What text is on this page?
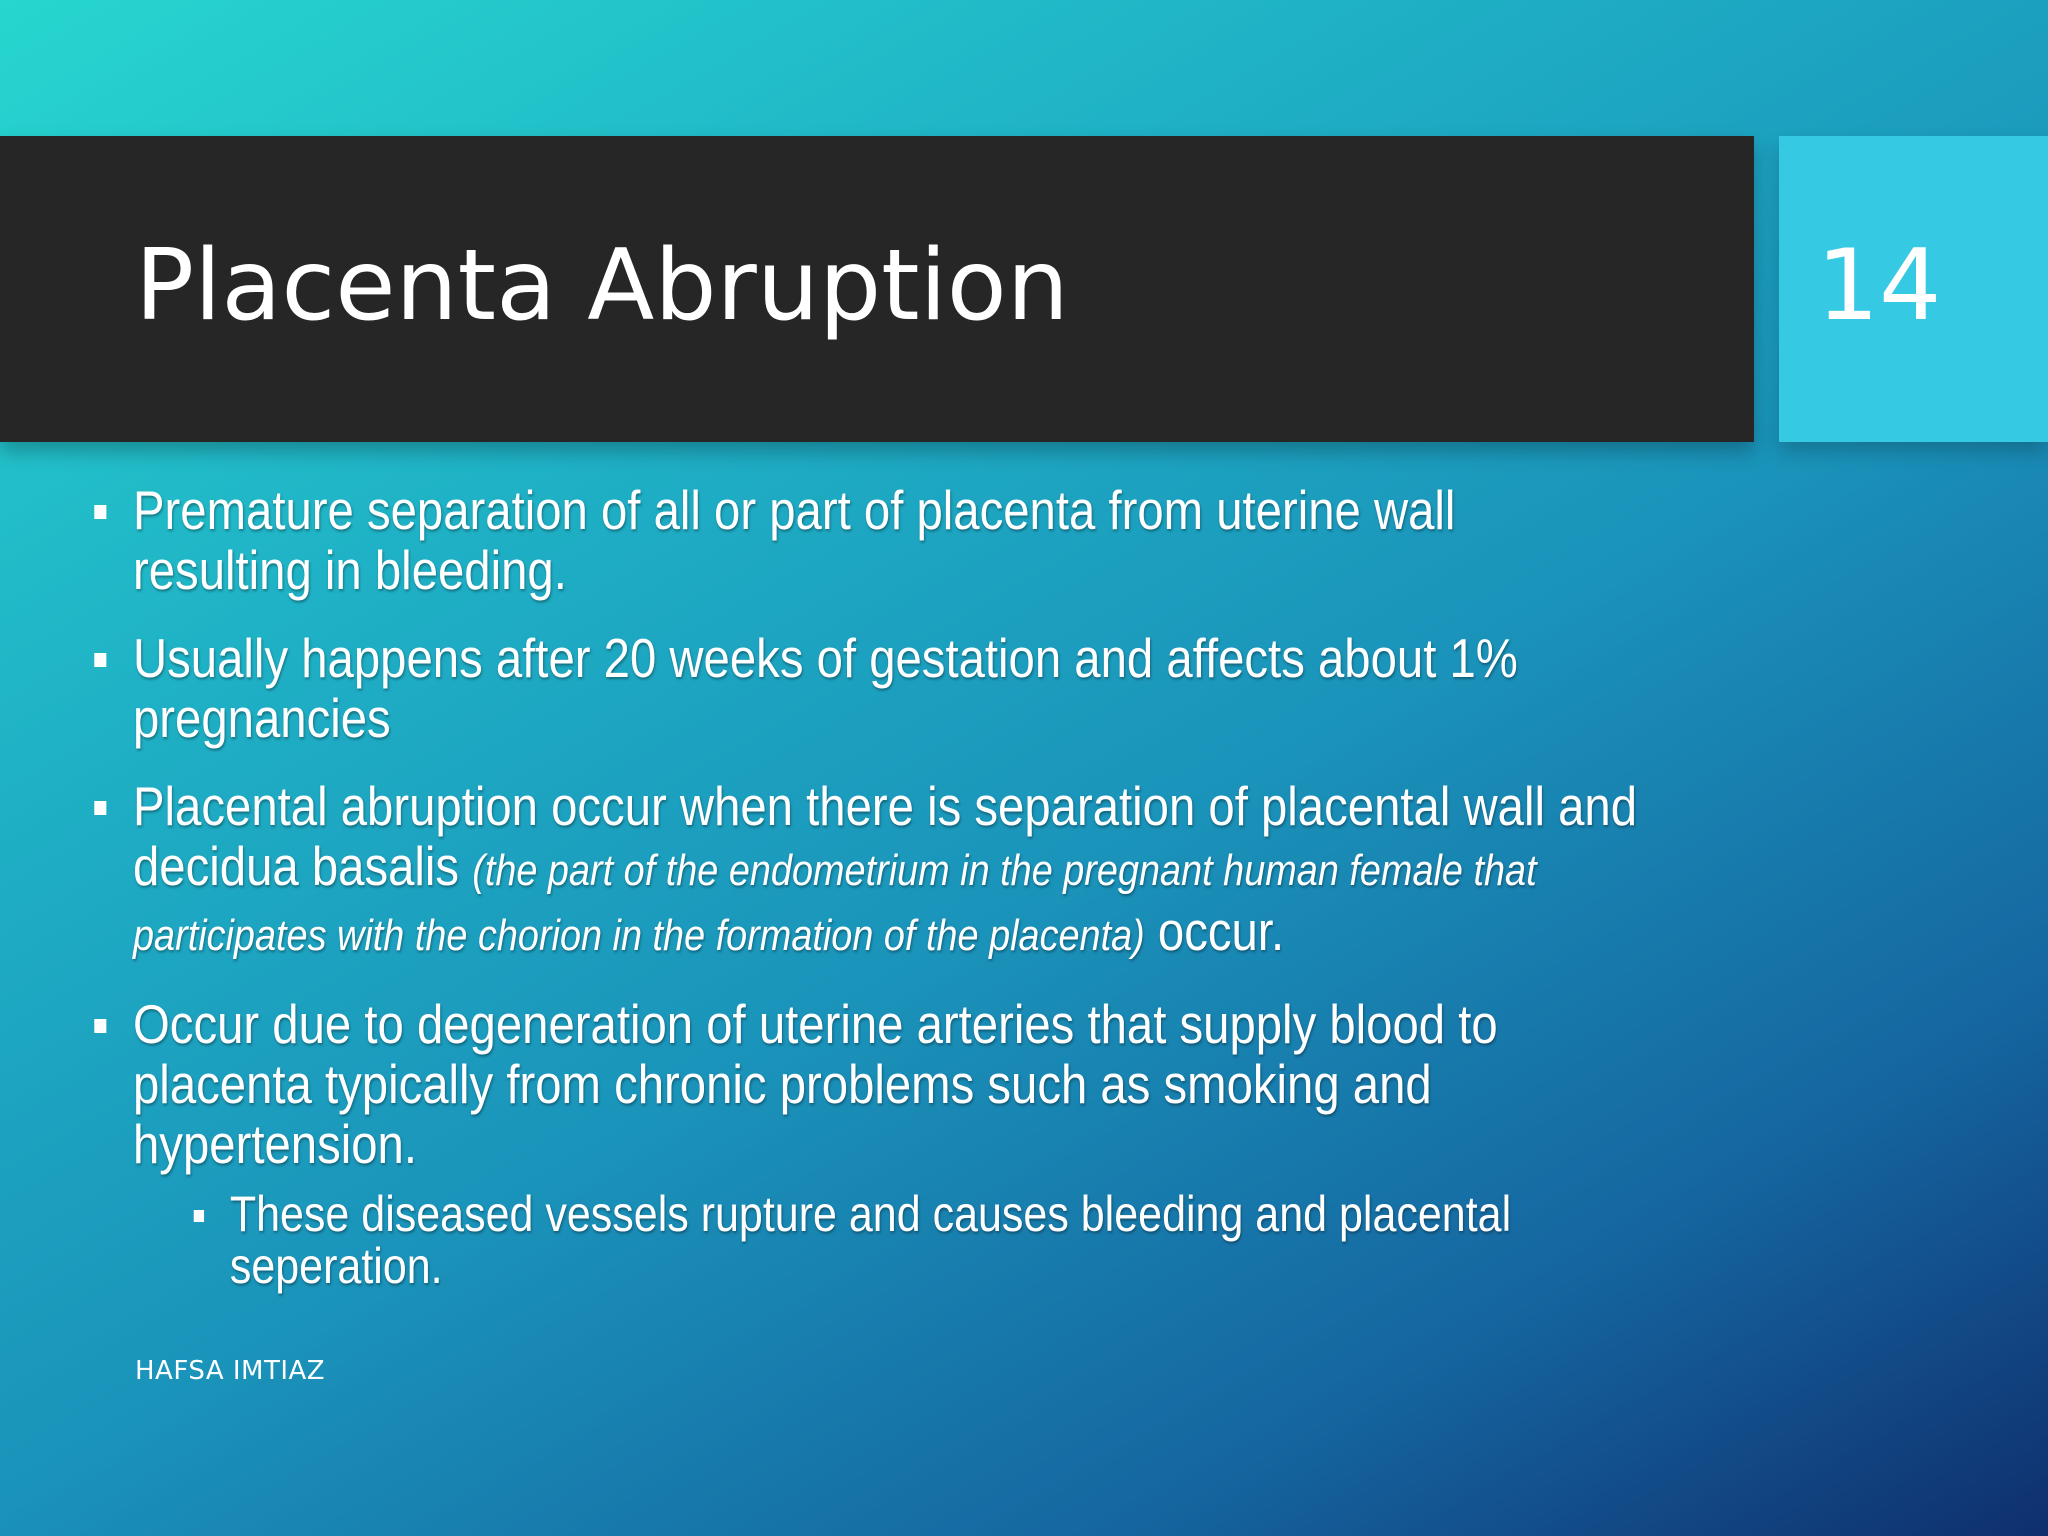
Placenta Abruption	14
Premature separation of all or part of placenta from uterine wall resulting in bleeding.
Usually happens after 20 weeks of gestation and affects about 1% pregnancies
Placental abruption occur when there is separation of placental wall and decidua basalis (the part of the endometrium in the pregnant human female that participates with the chorion in the formation of the placenta) occur.
Occur due to degeneration of uterine arteries that supply blood to placenta typically from chronic problems such as smoking and hypertension.
These diseased vessels rupture and causes bleeding and placental seperation.
HAFSA IMTIAZ
